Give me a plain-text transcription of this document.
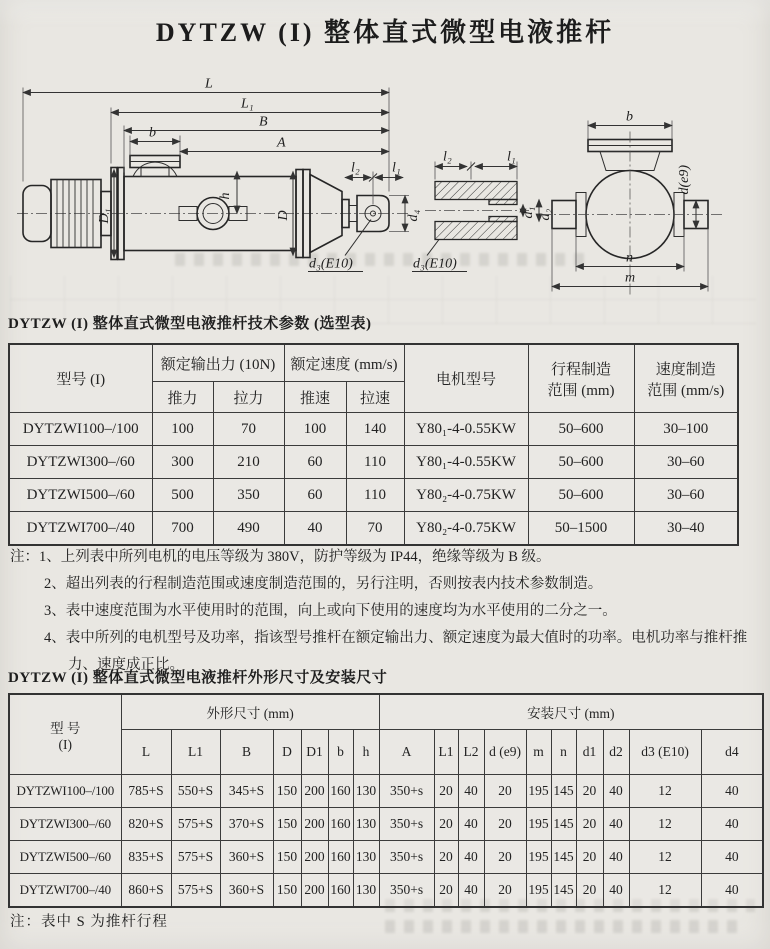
DYTZW (I) 整体直式微型电液推杆
L
L₁
B
b
A
h
D₁	D
l₂ l₁
d₄
d₃(E10)
l₂	l₁
d₁ d₂
d₃(E10)
b
d(e9)
n
m
DYTZW (I) 整体直式微型电液推杆技术参数 (选型表)
型号 (I)	额定输出力 (10N)		额定速度 (mm/s)		电机型号	行程制造
范围 (mm)	速度制造
范围 (mm/s)
	推力	拉力	推速	拉速			
DYTZWI100–/100	100	70	100	140	Y80₁-4-0.55KW	50–600	30–100
DYTZWI300–/60	300	210	60	110	Y80₁-4-0.55KW	50–600	30–60
DYTZWI500–/60	500	350	60	110	Y80₂-4-0.75KW	50–600	30–60
DYTZWI700–/40	700	490	40	70	Y80₂-4-0.75KW	50–1500	30–40
注：1、上列表中所列电机的电压等级为 380V，防护等级为 IP44，绝缘等级为 B 级。
2、超出列表的行程制造范围或速度制造范围的，另行注明，否则按表内技术参数制造。
3、表中速度范围为水平使用时的范围，向上或向下使用的速度均为水平使用的二分之一。
4、表中所列的电机型号及功率，指该型号推杆在额定输出力、额定速度为最大值时的功率。电机功率与推杆推力、速度成正比。
DYTZW (I) 整体直式微型电液推杆外形尺寸及安装尺寸
型 号
(I)	外形尺寸 (mm)							安装尺寸 (mm)									
	L	L1	B	D	D1	b	h	A	L1	L2	d (e9)	m	n	d1	d2	d3 (E10)	d4
DYTZWI100–/100	785+S	550+S	345+S	150	200	160	130	350+s	20	40	20	195	145	20	40	12	40
DYTZWI300–/60	820+S	575+S	370+S	150	200	160	130	350+s	20	40	20	195	145	20	40	12	40
DYTZWI500–/60	835+S	575+S	360+S	150	200	160	130	350+s	20	40	20	195	145	20	40	12	40
DYTZWI700–/40	860+S	575+S	360+S	150	200	160	130	350+s	20	40	20	195	145	20	40	12	40
注：表中 S 为推杆行程
